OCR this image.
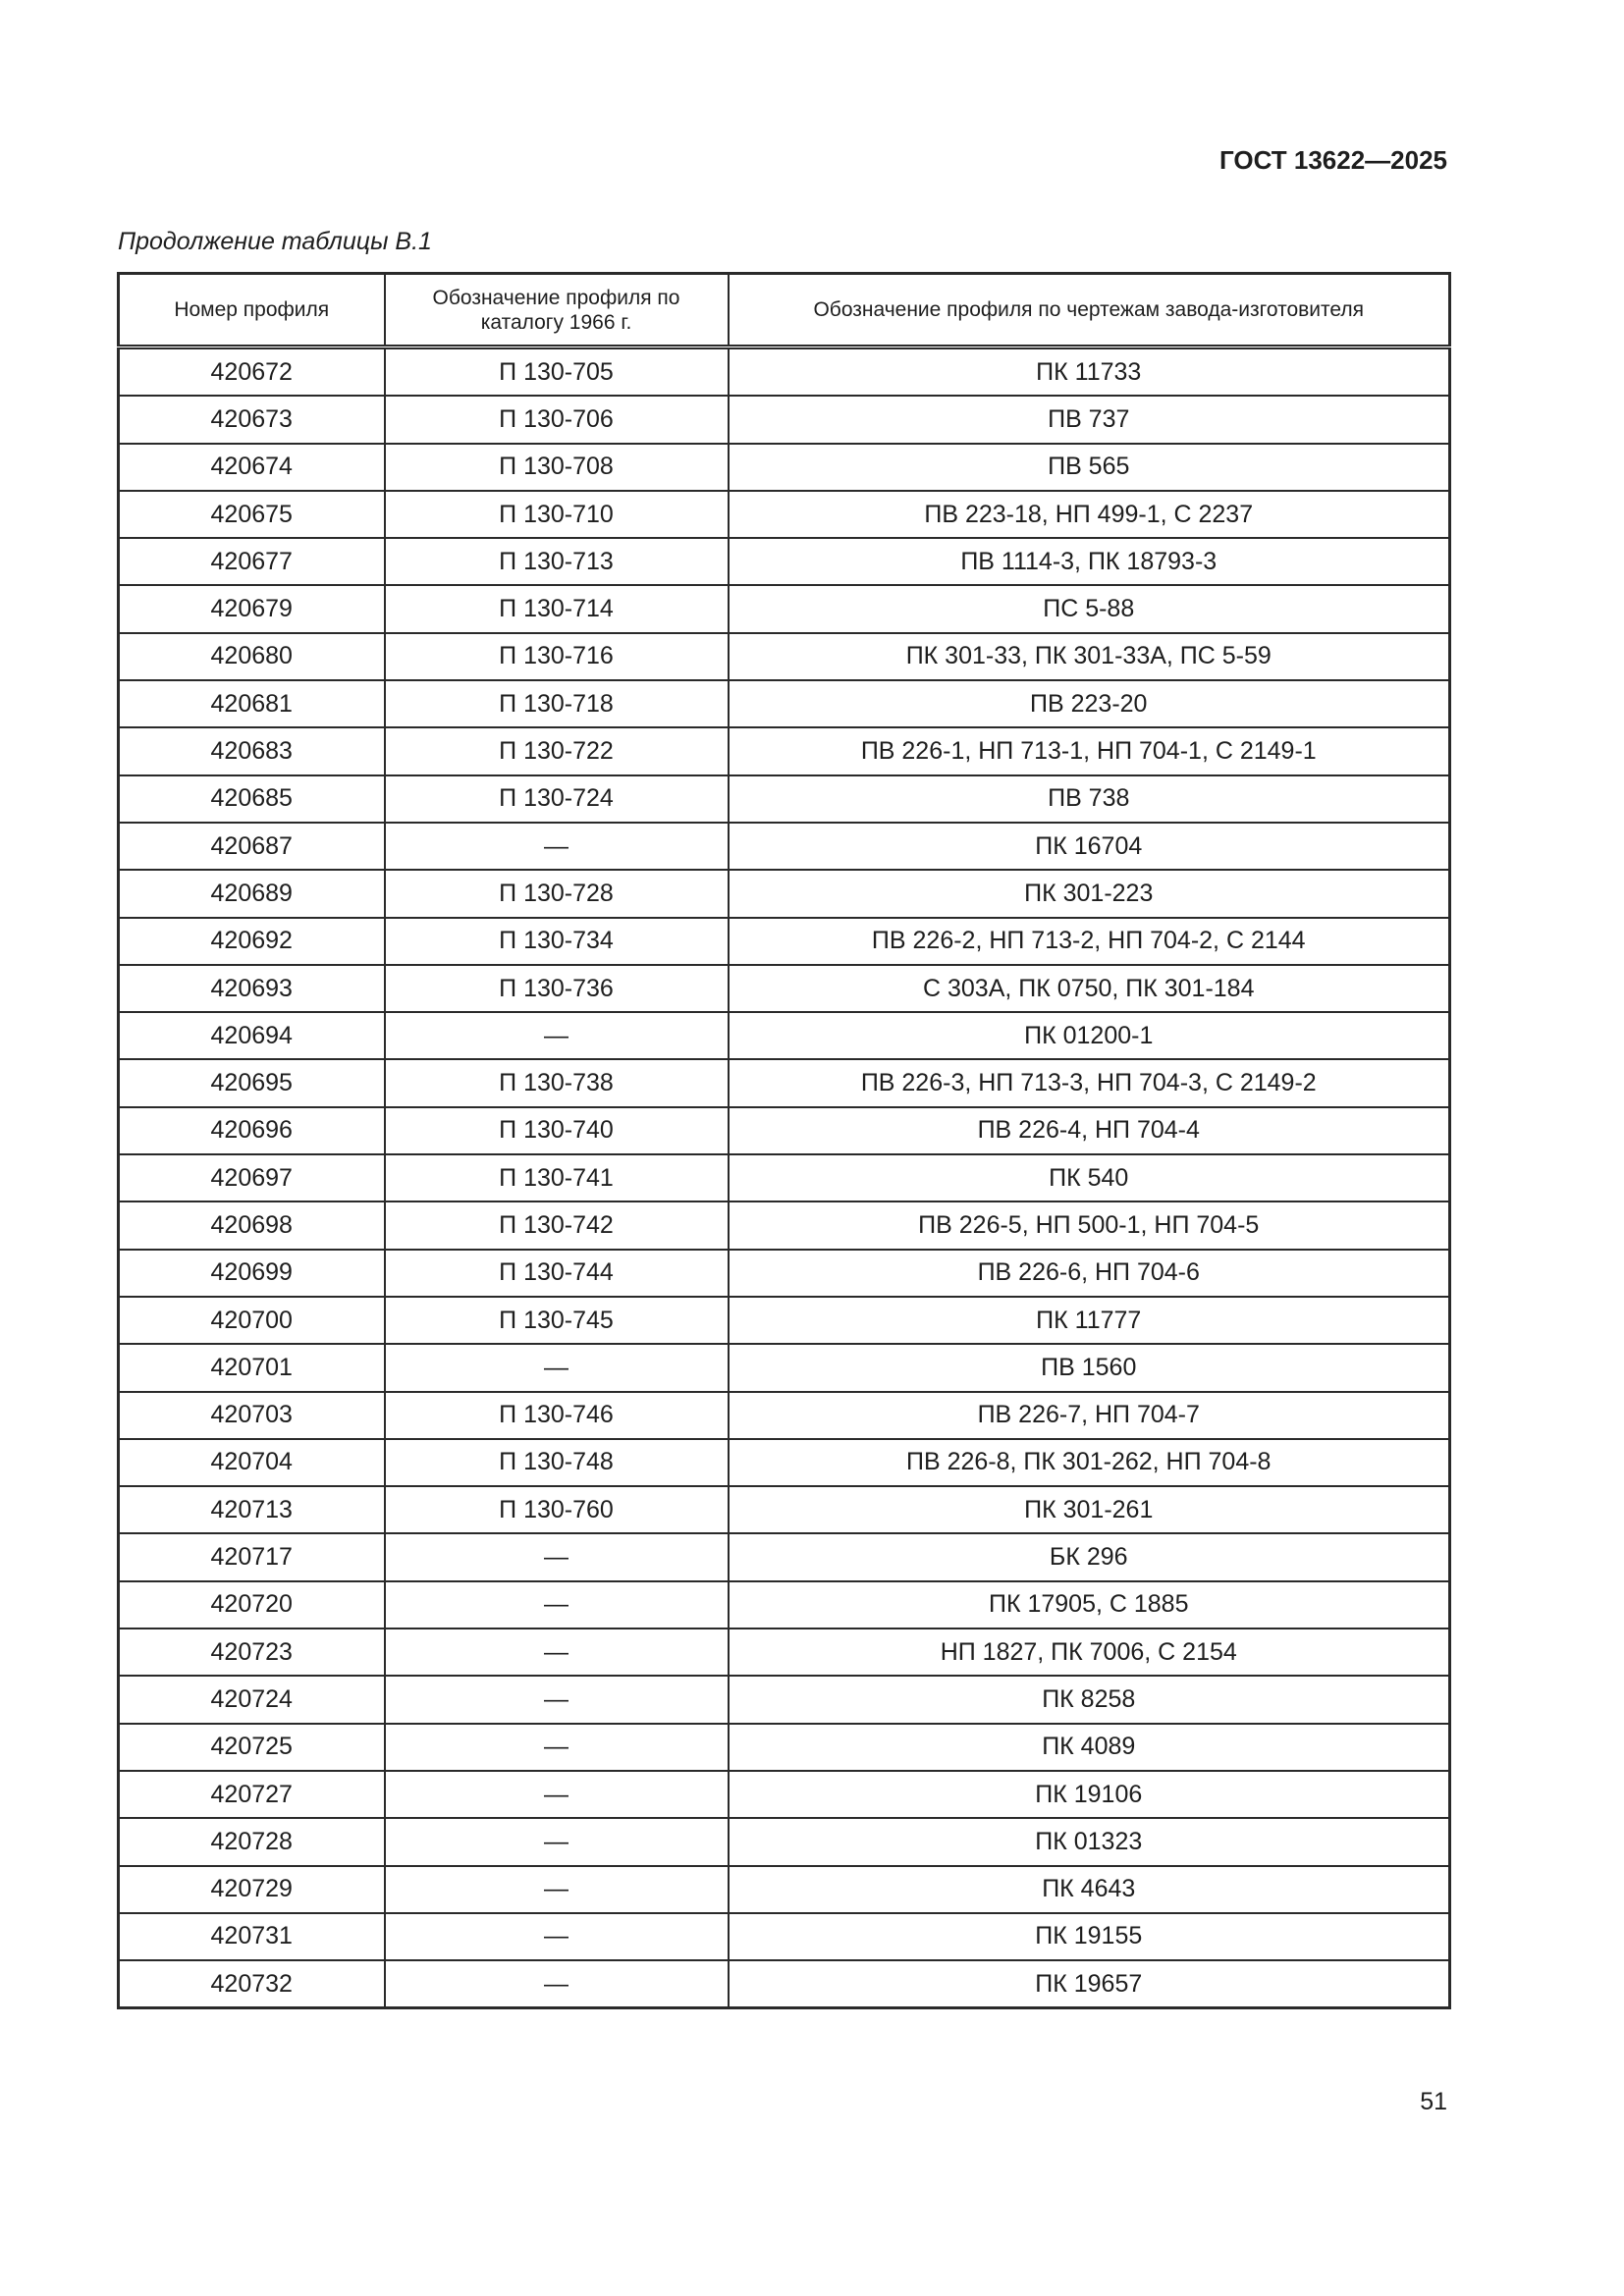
ГОСТ 13622—2025
Продолжение таблицы В.1
Номер профиля	Обозначение профиля по каталогу 1966 г.	Обозначение профиля по чертежам завода-изготовителя
420672	П 130-705	ПК 11733
420673	П 130-706	ПВ 737
420674	П 130-708	ПВ 565
420675	П 130-710	ПВ 223-18, НП 499-1, С 2237
420677	П 130-713	ПВ 1114-3, ПК 18793-3
420679	П 130-714	ПС 5-88
420680	П 130-716	ПК 301-33, ПК 301-33А, ПС 5-59
420681	П 130-718	ПВ 223-20
420683	П 130-722	ПВ 226-1, НП 713-1, НП 704-1, С 2149-1
420685	П 130-724	ПВ 738
420687	—	ПК 16704
420689	П 130-728	ПК 301-223
420692	П 130-734	ПВ 226-2, НП 713-2, НП 704-2, С 2144
420693	П 130-736	С 303А, ПК 0750, ПК 301-184
420694	—	ПК 01200-1
420695	П 130-738	ПВ 226-3, НП 713-3, НП 704-3, С 2149-2
420696	П 130-740	ПВ 226-4, НП 704-4
420697	П 130-741	ПК 540
420698	П 130-742	ПВ 226-5, НП 500-1, НП 704-5
420699	П 130-744	ПВ 226-6, НП 704-6
420700	П 130-745	ПК 11777
420701	—	ПВ 1560
420703	П 130-746	ПВ 226-7, НП 704-7
420704	П 130-748	ПВ 226-8, ПК 301-262, НП 704-8
420713	П 130-760	ПК 301-261
420717	—	БК 296
420720	—	ПК 17905, С 1885
420723	—	НП 1827, ПК 7006, С 2154
420724	—	ПК 8258
420725	—	ПК 4089
420727	—	ПК 19106
420728	—	ПК 01323
420729	—	ПК 4643
420731	—	ПК 19155
420732	—	ПК 19657
51
